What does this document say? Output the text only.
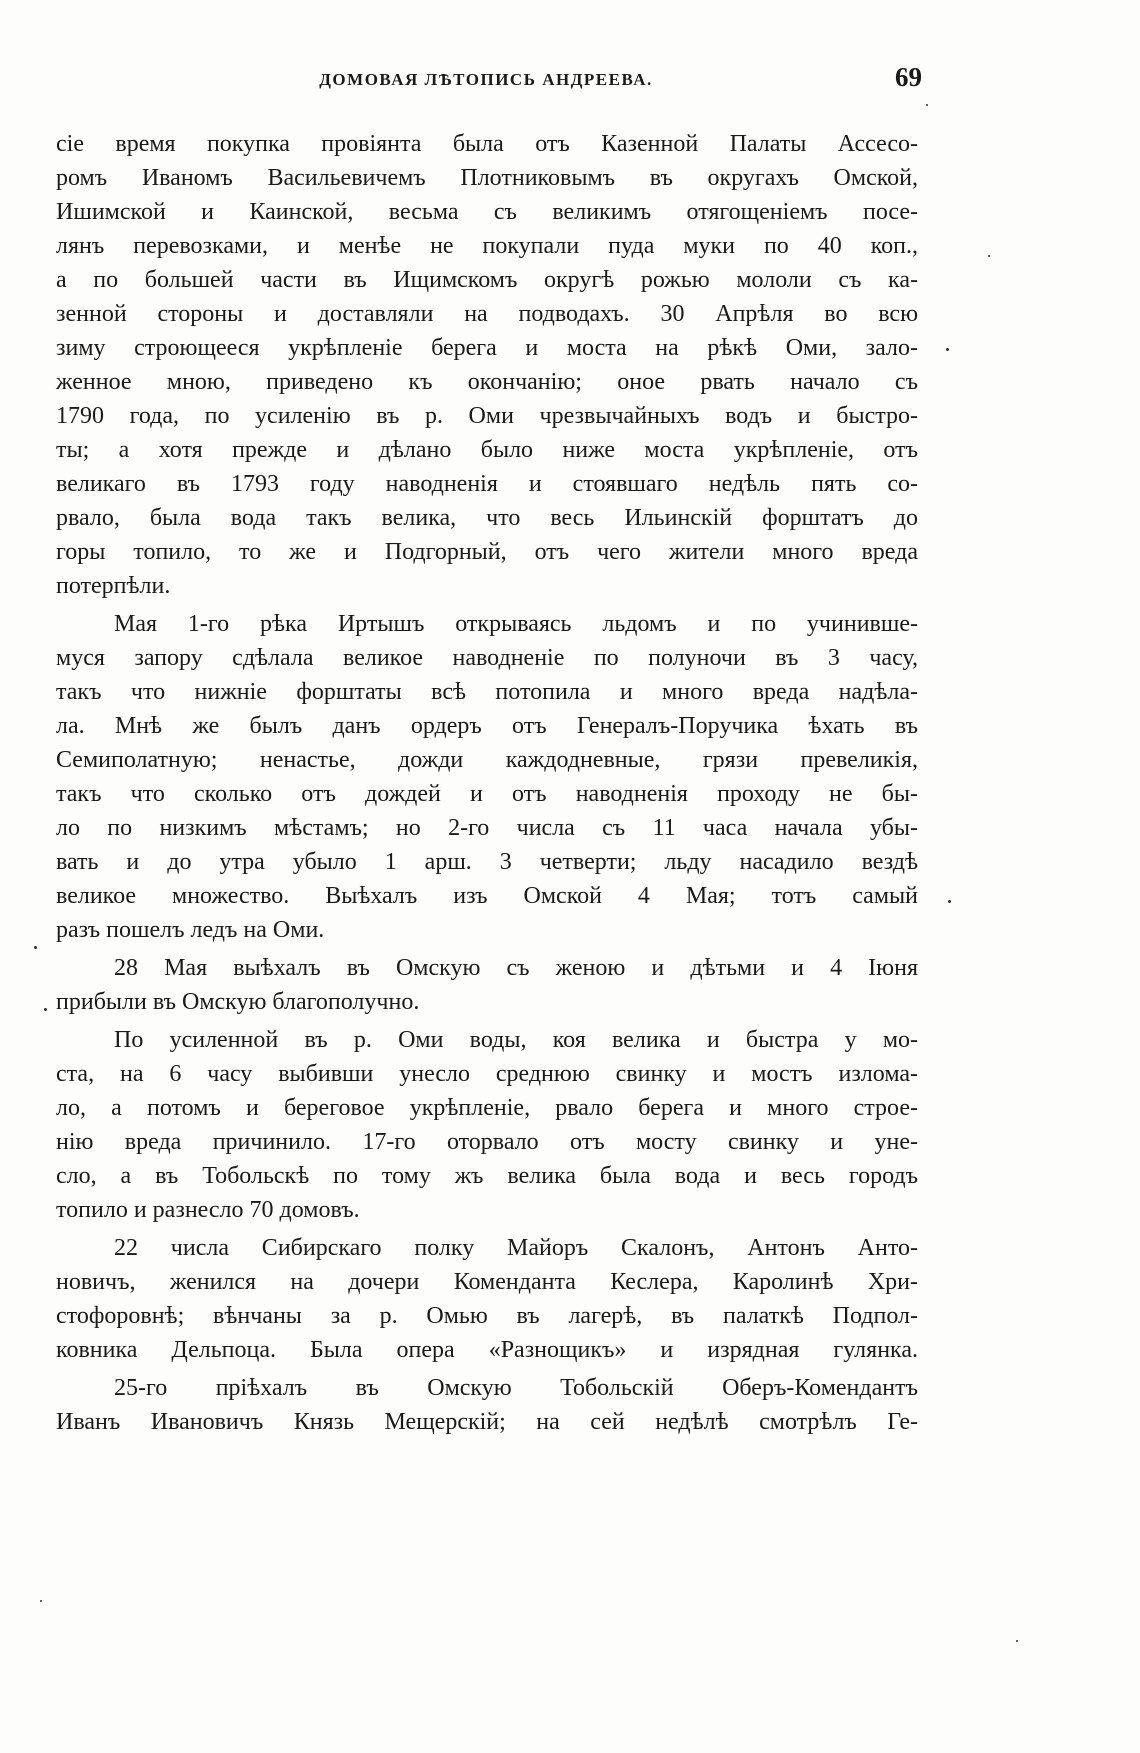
ДОМОВАЯ ЛѢТОПИСЬ АНДРЕЕВА.	69
сіе время покупка провіянта была отъ Казенной Палаты Ассесо-
ромъ Иваномъ Васильевичемъ Плотниковымъ въ округахъ Омской,
Ишимской и Каинской, весьма съ великимъ отягощеніемъ посе-
лянъ перевозками, и менѣе не покупали пуда муки по 40 коп.,
а по большей части въ Ищимскомъ округѣ рожью мололи съ ка-
зенной стороны и доставляли на подводахъ. 30 Апрѣля во всю
зиму строющееся укрѣпленіе берега и моста на рѣкѣ Оми, зало-
женное мною, приведено къ окончанію; оное рвать начало съ
1790 года, по усиленію въ р. Оми чрезвычайныхъ водъ и быстро-
ты; а хотя прежде и дѣлано было ниже моста укрѣпленіе, отъ
великаго въ 1793 году наводненія и стоявшаго недѣль пять со-
рвало, была вода такъ велика, что весь Ильинскій форштатъ до
горы топило, то же и Подгорный, отъ чего жители много вреда
потерпѣли.
Мая 1-го рѣка Иртышъ открываясь льдомъ и по учинившe-
муся запору сдѣлала великое наводненіе по полуночи въ 3 часу,
такъ что нижніе форштаты всѣ потопила и много вреда надѣла-
ла. Мнѣ же былъ данъ ордеръ отъ Генералъ-Поручика ѣхать въ
Семиполатную; ненастье, дожди каждодневные, грязи превеликія,
такъ что сколько отъ дождей и отъ наводненія проходу не бы-
ло по низкимъ мѣстамъ; но 2-го числа съ 11 часа начала убы-
вать и до утра убыло 1 арш. 3 четверти; льду насадило вездѣ
великое множество. Выѣхалъ изъ Омской 4 Мая; тотъ самый
разъ пошелъ ледъ на Оми.
28 Мая выѣхалъ въ Омскую съ женою и дѣтьми и 4 Іюня
прибыли въ Омскую благополучно.
По усиленной въ р. Оми воды, коя велика и быстра у мо-
ста, на 6 часу выбивши унесло среднюю свинку и мостъ излома-
ло, а потомъ и береговое укрѣпленіе, рвало берега и много строе-
нію вреда причинило. 17-го оторвало отъ мосту свинку и уне-
сло, а въ Тобольскѣ по тому жъ велика была вода и весь городъ
топило и разнесло 70 домовъ.
22 числа Сибирскаго полку Майоръ Скалонъ, Антонъ Анто-
новичъ, женился на дочери Коменданта Кеслера, Каролинѣ Хри-
стофоровнѣ; вѣнчаны за р. Омью въ лагерѣ, въ палаткѣ Подпол-
ковника Дельпоца. Была опера «Разнощикъ» и изрядная гулянка.
25-го пріѣхалъ въ Омскую Тобольскій Оберъ-Комендантъ
Иванъ Ивановичъ Князь Мещерскій; на сей недѣлѣ смотрѣлъ Ге-
